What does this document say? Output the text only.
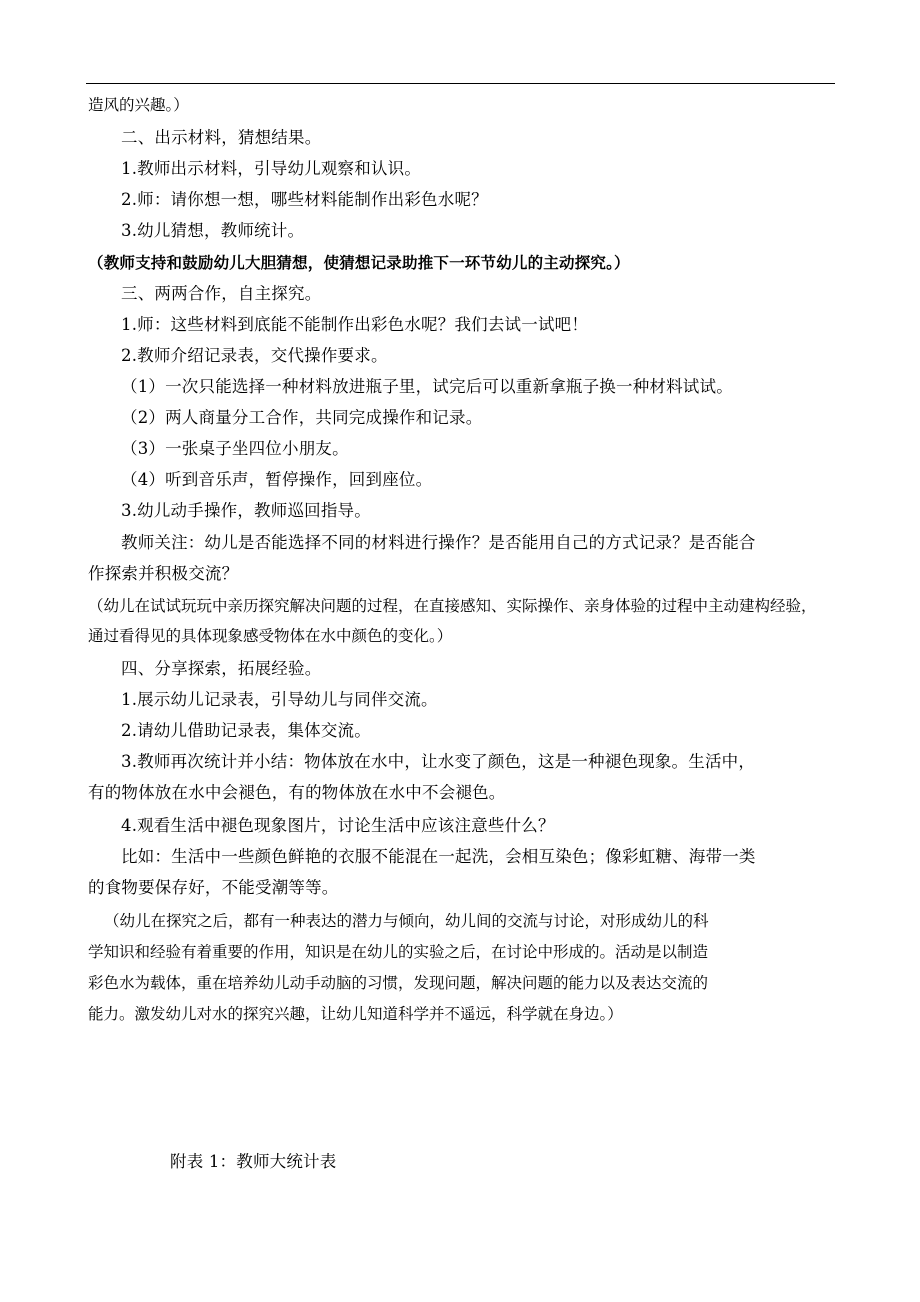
造风的兴趣。）
二、出示材料，猜想结果。
1.教师出示材料，引导幼儿观察和认识。
2.师：请你想一想，哪些材料能制作出彩色水呢？
3.幼儿猜想，教师统计。
（教师支持和鼓励幼儿大胆猜想，使猜想记录助推下一环节幼儿的主动探究。）
三、两两合作，自主探究。
1.师：这些材料到底能不能制作出彩色水呢？我们去试一试吧！
2.教师介绍记录表，交代操作要求。
（1）一次只能选择一种材料放进瓶子里，试完后可以重新拿瓶子换一种材料试试。
（2）两人商量分工合作，共同完成操作和记录。
（3）一张桌子坐四位小朋友。
（4）听到音乐声，暂停操作，回到座位。
3.幼儿动手操作，教师巡回指导。
教师关注：幼儿是否能选择不同的材料进行操作？是否能用自己的方式记录？是否能合
作探索并积极交流？
（幼儿在试试玩玩中亲历探究解决问题的过程，在直接感知、实际操作、亲身体验的过程中主动建构经验，
通过看得见的具体现象感受物体在水中颜色的变化。）
四、分享探索，拓展经验。
1.展示幼儿记录表，引导幼儿与同伴交流。
2.请幼儿借助记录表，集体交流。
3.教师再次统计并小结：物体放在水中，让水变了颜色，这是一种褪色现象。生活中，
有的物体放在水中会褪色，有的物体放在水中不会褪色。
4.观看生活中褪色现象图片，讨论生活中应该注意些什么？
比如：生活中一些颜色鲜艳的衣服不能混在一起洗，会相互染色；像彩虹糖、海带一类
的食物要保存好，不能受潮等等。
（幼儿在探究之后，都有一种表达的潜力与倾向，幼儿间的交流与讨论，对形成幼儿的科
学知识和经验有着重要的作用，知识是在幼儿的实验之后，在讨论中形成的。活动是以制造
彩色水为载体，重在培养幼儿动手动脑的习惯，发现问题，解决问题的能力以及表达交流的
能力。激发幼儿对水的探究兴趣，让幼儿知道科学并不遥远，科学就在身边。）
附表 1：教师大统计表
